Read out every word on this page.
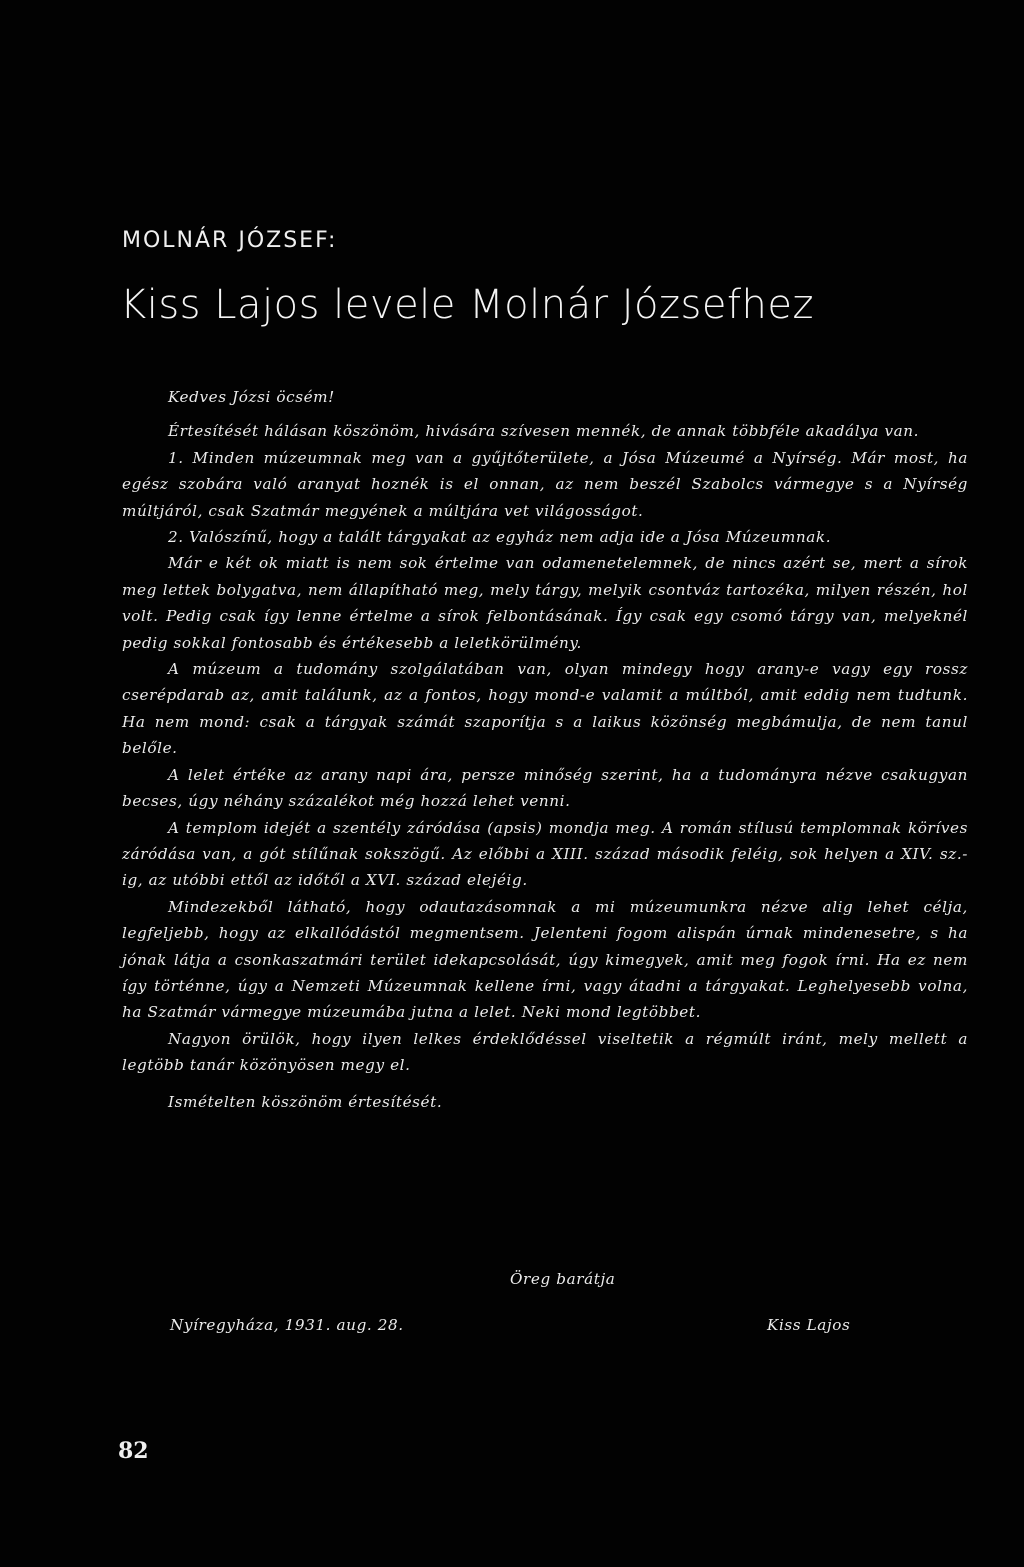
MOLNÁR JÓZSEF:
Kiss Lajos levele Molnár Józsefhez

Kedves Józsi öcsém!

Értesítését hálásan köszönöm, hivására szívesen mennék, de annak többféle akadálya van.

1. Minden múzeumnak meg van a gyűjtőterülete, a Jósa Múzeumé a Nyírség. Már most, ha egész szobára való aranyat hoznék is el onnan, az nem beszél Szabolcs vármegye s a Nyírség múltjáról, csak Szatmár megyének a múltjára vet világosságot.

2. Valószínű, hogy a talált tárgyakat az egyház nem adja ide a Jósa Múzeumnak.

Már e két ok miatt is nem sok értelme van odamenetelemnek, de nincs azért se, mert a sírok meg lettek bolygatva, nem állapítható meg, mely tárgy, melyik csontváz tartozéka, milyen részén, hol volt. Pedig csak így lenne értelme a sírok felbontásának. Így csak egy csomó tárgy van, melyeknél pedig sokkal fontosabb és értékesebb a leletkörülmény.

A múzeum a tudomány szolgálatában van, olyan mindegy hogy arany-e vagy egy rossz cserépdarab az, amit találunk, az a fontos, hogy mond-e valamit a múltból, amit eddig nem tudtunk. Ha nem mond: csak a tárgyak számát szaporítja s a laikus közönség megbámulja, de nem tanul belőle.

A lelet értéke az arany napi ára, persze minőség szerint, ha a tudományra nézve csakugyan becses, úgy néhány százalékot még hozzá lehet venni.

A templom idejét a szentély záródása (apsis) mondja meg. A román stílusú templomnak köríves záródása van, a gót stílűnak sokszögű. Az előbbi a XIII. század második feléig, sok helyen a XIV. sz.-ig, az utóbbi ettől az időtől a XVI. század elejéig.

Mindezekből látható, hogy odautazásomnak a mi múzeumunkra nézve alig lehet célja, legfeljebb, hogy az elkallódástól megmentsem. Jelenteni fogom alispán úrnak mindenesetre, s ha jónak látja a csonkaszatmári terület idekapcsolását, úgy kimegyek, amit meg fogok írni. Ha ez nem így történne, úgy a Nemzeti Múzeumnak kellene írni, vagy átadni a tárgyakat. Leghelyesebb volna, ha Szatmár vármegye múzeumába jutna a lelet. Neki mond legtöbbet.

Nagyon örülök, hogy ilyen lelkes érdeklődéssel viseltetik a régmúlt iránt, mely mellett a legtöbb tanár közönyösen megy el.

Ismételten köszönöm értesítését.

Öreg barátja
Nyíregyháza, 1931. aug. 28.	Kiss Lajos
82
